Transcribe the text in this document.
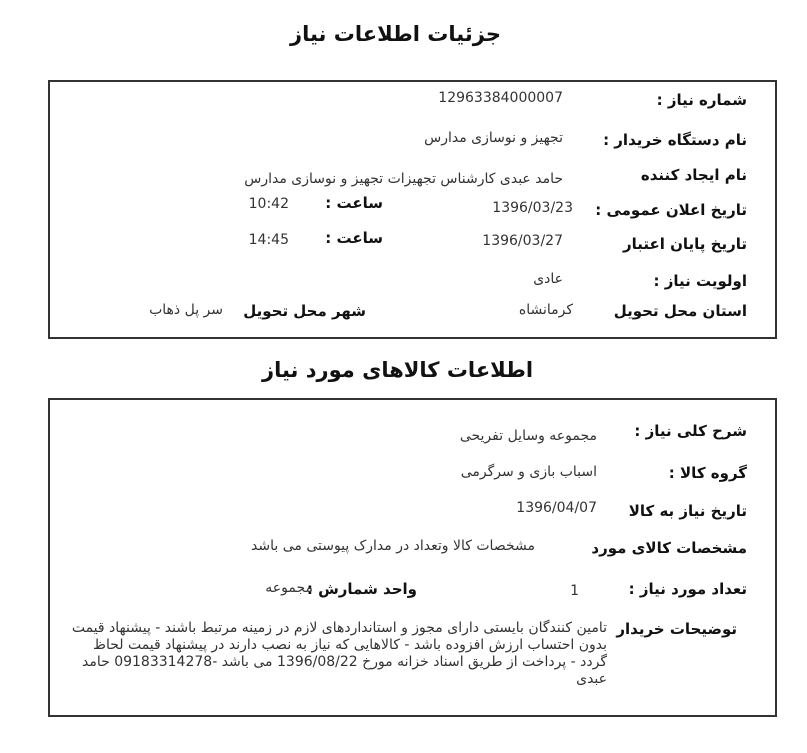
جزئیات اطلاعات نیاز
شماره نیاز :
12963384000007
نام دستگاه خریدار :
تجهیز و نوسازی مدارس
نام ایجاد کننده
حامد عبدی کارشناس تجهیزات تجهیز و نوسازی مدارس
تاریخ اعلان عمومی :
1396/03/23
ساعت :
10:42
تاریخ پایان اعتبار
1396/03/27
ساعت :
14:45
اولویت نیاز :
عادی
استان محل تحویل
کرمانشاه
شهر محل تحویل
سر پل ذهاب
اطلاعات کالاهای مورد نیاز
شرح کلی نیاز :
مجموعه وسایل تفریحی
گروه کالا :
اسباب بازی و سرگرمی
تاریخ نیاز به کالا
1396/04/07
مشخصات کالای مورد
مشخصات کالا وتعداد در مدارک پیوستی می باشد
تعداد مورد نیاز :
1
واحد شمارش :
مجموعه
توضیحات خریدار
تامین کنندگان بایستی دارای مجوز و استانداردهای لازم در زمینه مرتبط باشند - پیشنهاد قیمت بدون احتساب ارزش افزوده باشد - کالاهایی که نیاز به نصب دارند در پیشنهاد قیمت لحاظ گردد - پرداخت از طریق اسناد خزانه مورخ 1396/08/22 می باشد -09183314278 حامد عبدی
